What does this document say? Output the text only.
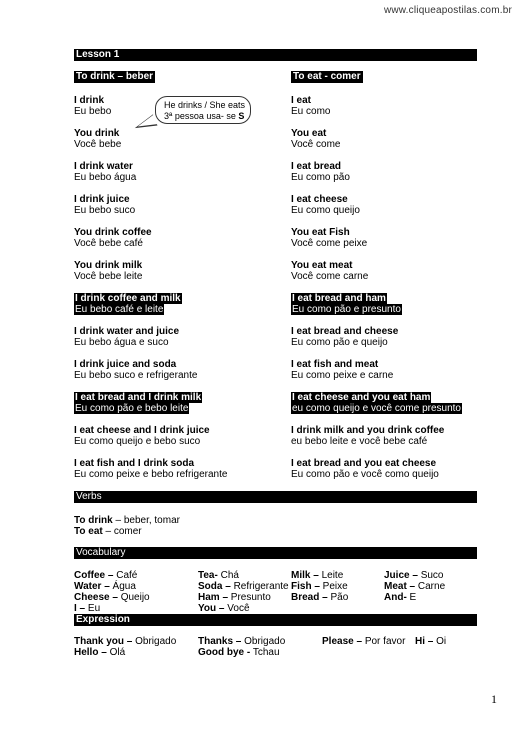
www.cliqueapostilas.com.br
Lesson 1
To drink – beber	To eat - comer
He drinks / She eats
3ª pessoa usa- se S
I drink
Eu bebo
You drink
Você bebe
I drink water
Eu bebo água
I drink juice
Eu bebo suco
You drink coffee
Você bebe café
You drink milk
Você bebe leite
I drink coffee and milk
Eu bebo café e leite
I drink water and juice
Eu bebo água e suco
I drink juice and soda
Eu bebo suco e refrigerante
I eat bread and I drink milk
Eu como pão e bebo leite
I eat cheese and I drink juice
Eu como queijo e bebo suco
I eat fish and I drink soda
Eu como peixe e bebo refrigerante
I eat
Eu como
You eat
Você come
I eat bread
Eu como pão
I eat cheese
Eu como queijo
You eat Fish
Você come peixe
You eat meat
Você come carne
I eat bread and ham
Eu como pão e presunto
I eat bread and cheese
Eu como pão e queijo
I eat fish and meat
Eu como peixe e carne
I eat cheese and you eat ham
eu como queijo e você come presunto
I drink milk and you drink coffee
eu bebo leite e você bebe café
I eat bread and you eat cheese
Eu como pão e você como queijo
Verbs
To drink – beber, tomar
To eat – comer
Vocabulary
Coffee – Café	Tea- Chá	Milk – Leite	Juice – Suco
Water – Água	Soda – Refrigerante Fish – Peixe	Meat – Carne
Cheese – Queijo	Ham – Presunto Bread – Pão	And- E
I – Eu	You – Você
Expression
Thank you – Obrigado Thanks – Obrigado	Please – Por favor Hi – Oi
Hello – Olá	Good bye - Tchau
1
